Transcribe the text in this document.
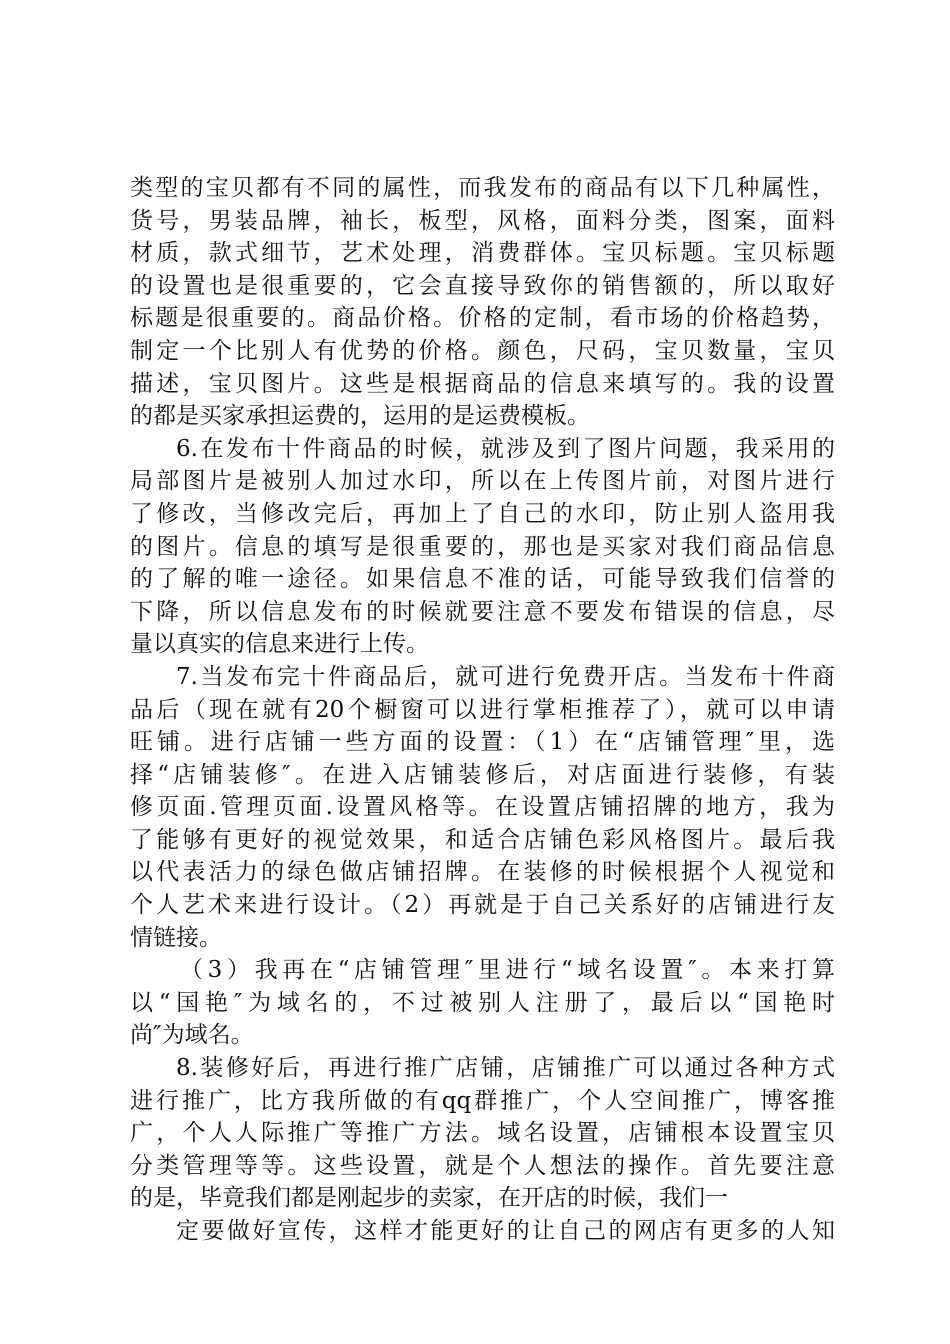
类型的宝贝都有不同的属性，而我发布的商品有以下几种属性，
货号，男装品牌，袖长，板型，风格，面料分类，图案，面料
材质，款式细节，艺术处理，消费群体。宝贝标题。宝贝标题
的设置也是很重要的，它会直接导致你的销售额的，所以取好
标题是很重要的。商品价格。价格的定制，看市场的价格趋势，
制定一个比别人有优势的价格。颜色，尺码，宝贝数量，宝贝
描述，宝贝图片。这些是根据商品的信息来填写的。我的设置
的都是买家承担运费的，运用的是运费模板。
6.在发布十件商品的时候，就涉及到了图片问题，我采用的
局部图片是被别人加过水印，所以在上传图片前，对图片进行
了修改，当修改完后，再加上了自己的水印，防止别人盗用我
的图片。信息的填写是很重要的，那也是买家对我们商品信息
的了解的唯一途径。如果信息不准的话，可能导致我们信誉的
下降，所以信息发布的时候就要注意不要发布错误的信息，尽
量以真实的信息来进行上传。
7.当发布完十件商品后，就可进行免费开店。当发布十件商
品后（现在就有20个橱窗可以进行掌柜推荐了），就可以申请
旺铺。进行店铺一些方面的设置：（1）在“店铺管理″里，选
择“店铺装修″。在进入店铺装修后，对店面进行装修，有装
修页面.管理页面.设置风格等。在设置店铺招牌的地方，我为
了能够有更好的视觉效果，和适合店铺色彩风格图片。最后我
以代表活力的绿色做店铺招牌。在装修的时候根据个人视觉和
个人艺术来进行设计。（2）再就是于自己关系好的店铺进行友
情链接。
（3）我再在“店铺管理″里进行“域名设置″。本来打算
以“国艳″为域名的，不过被别人注册了，最后以“国艳时
尚″为域名。
8.装修好后，再进行推广店铺，店铺推广可以通过各种方式
进行推广，比方我所做的有qq群推广，个人空间推广，博客推
广，个人人际推广等推广方法。域名设置，店铺根本设置宝贝
分类管理等等。这些设置，就是个人想法的操作。首先要注意
的是，毕竟我们都是刚起步的卖家，在开店的时候，我们一
定要做好宣传，这样才能更好的让自己的网店有更多的人知
